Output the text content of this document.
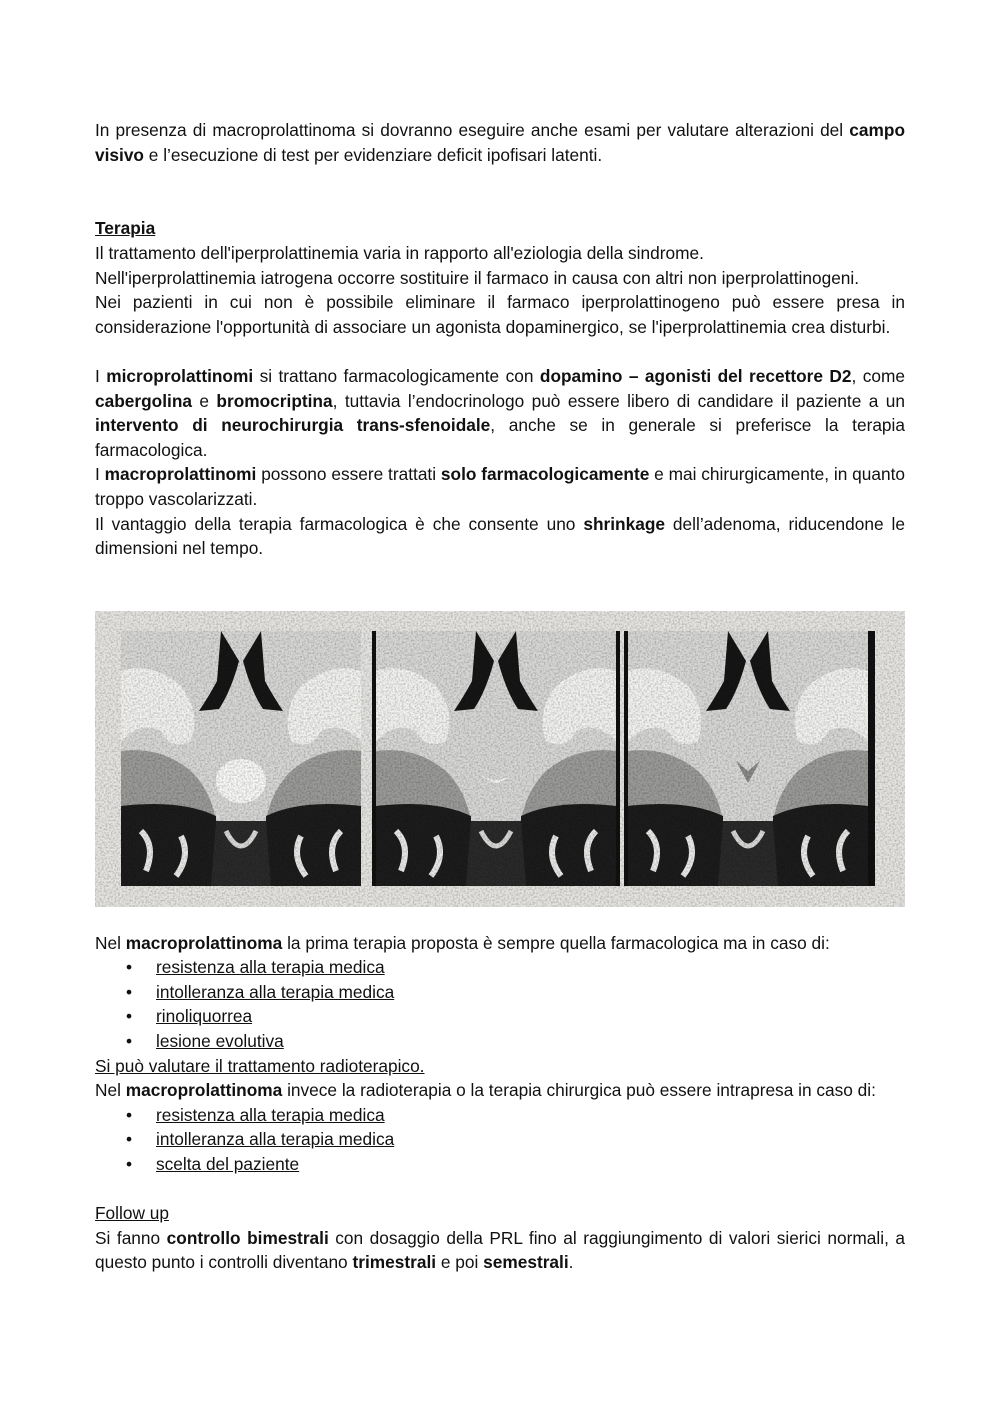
In presenza di macroprolattinoma si dovranno eseguire anche esami per valutare alterazioni del campo visivo e l’esecuzione di test per evidenziare deficit ipofisari latenti.

Terapia

Il trattamento dell'iperprolattinemia varia in rapporto all'eziologia della sindrome.

Nell'iperprolattinemia iatrogena occorre sostituire il farmaco in causa con altri non iperprolattinogeni.

Nei pazienti in cui non è possibile eliminare il farmaco iperprolattinogeno può essere presa in considerazione l'opportunità di associare un agonista dopaminergico, se l'iperprolattinemia crea disturbi.

I microprolattinomi si trattano farmacologicamente con dopamino – agonisti del recettore D2, come cabergolina e bromocriptina, tuttavia l’endocrinologo può essere libero di candidare il paziente a un intervento di neurochirurgia trans-sfenoidale, anche se in generale si preferisce la terapia farmacologica.

I macroprolattinomi possono essere trattati solo farmacologicamente e mai chirurgicamente, in quanto troppo vascolarizzati.

Il vantaggio della terapia farmacologica è che consente uno shrinkage dell’adenoma, riducendone le dimensioni nel tempo.

Nel macroprolattinoma la prima terapia proposta è sempre quella farmacologica ma in caso di:

• resistenza alla terapia medica
• intolleranza alla terapia medica
• rinoliquorrea
• lesione evolutiva

Si può valutare il trattamento radioterapico.

Nel macroprolattinoma invece la radioterapia o la terapia chirurgica può essere intrapresa in caso di:

• resistenza alla terapia medica
• intolleranza alla terapia medica
• scelta del paziente

Follow up

Si fanno controllo bimestrali con dosaggio della PRL fino al raggiungimento di valori sierici normali, a questo punto i controlli diventano trimestrali e poi semestrali.
